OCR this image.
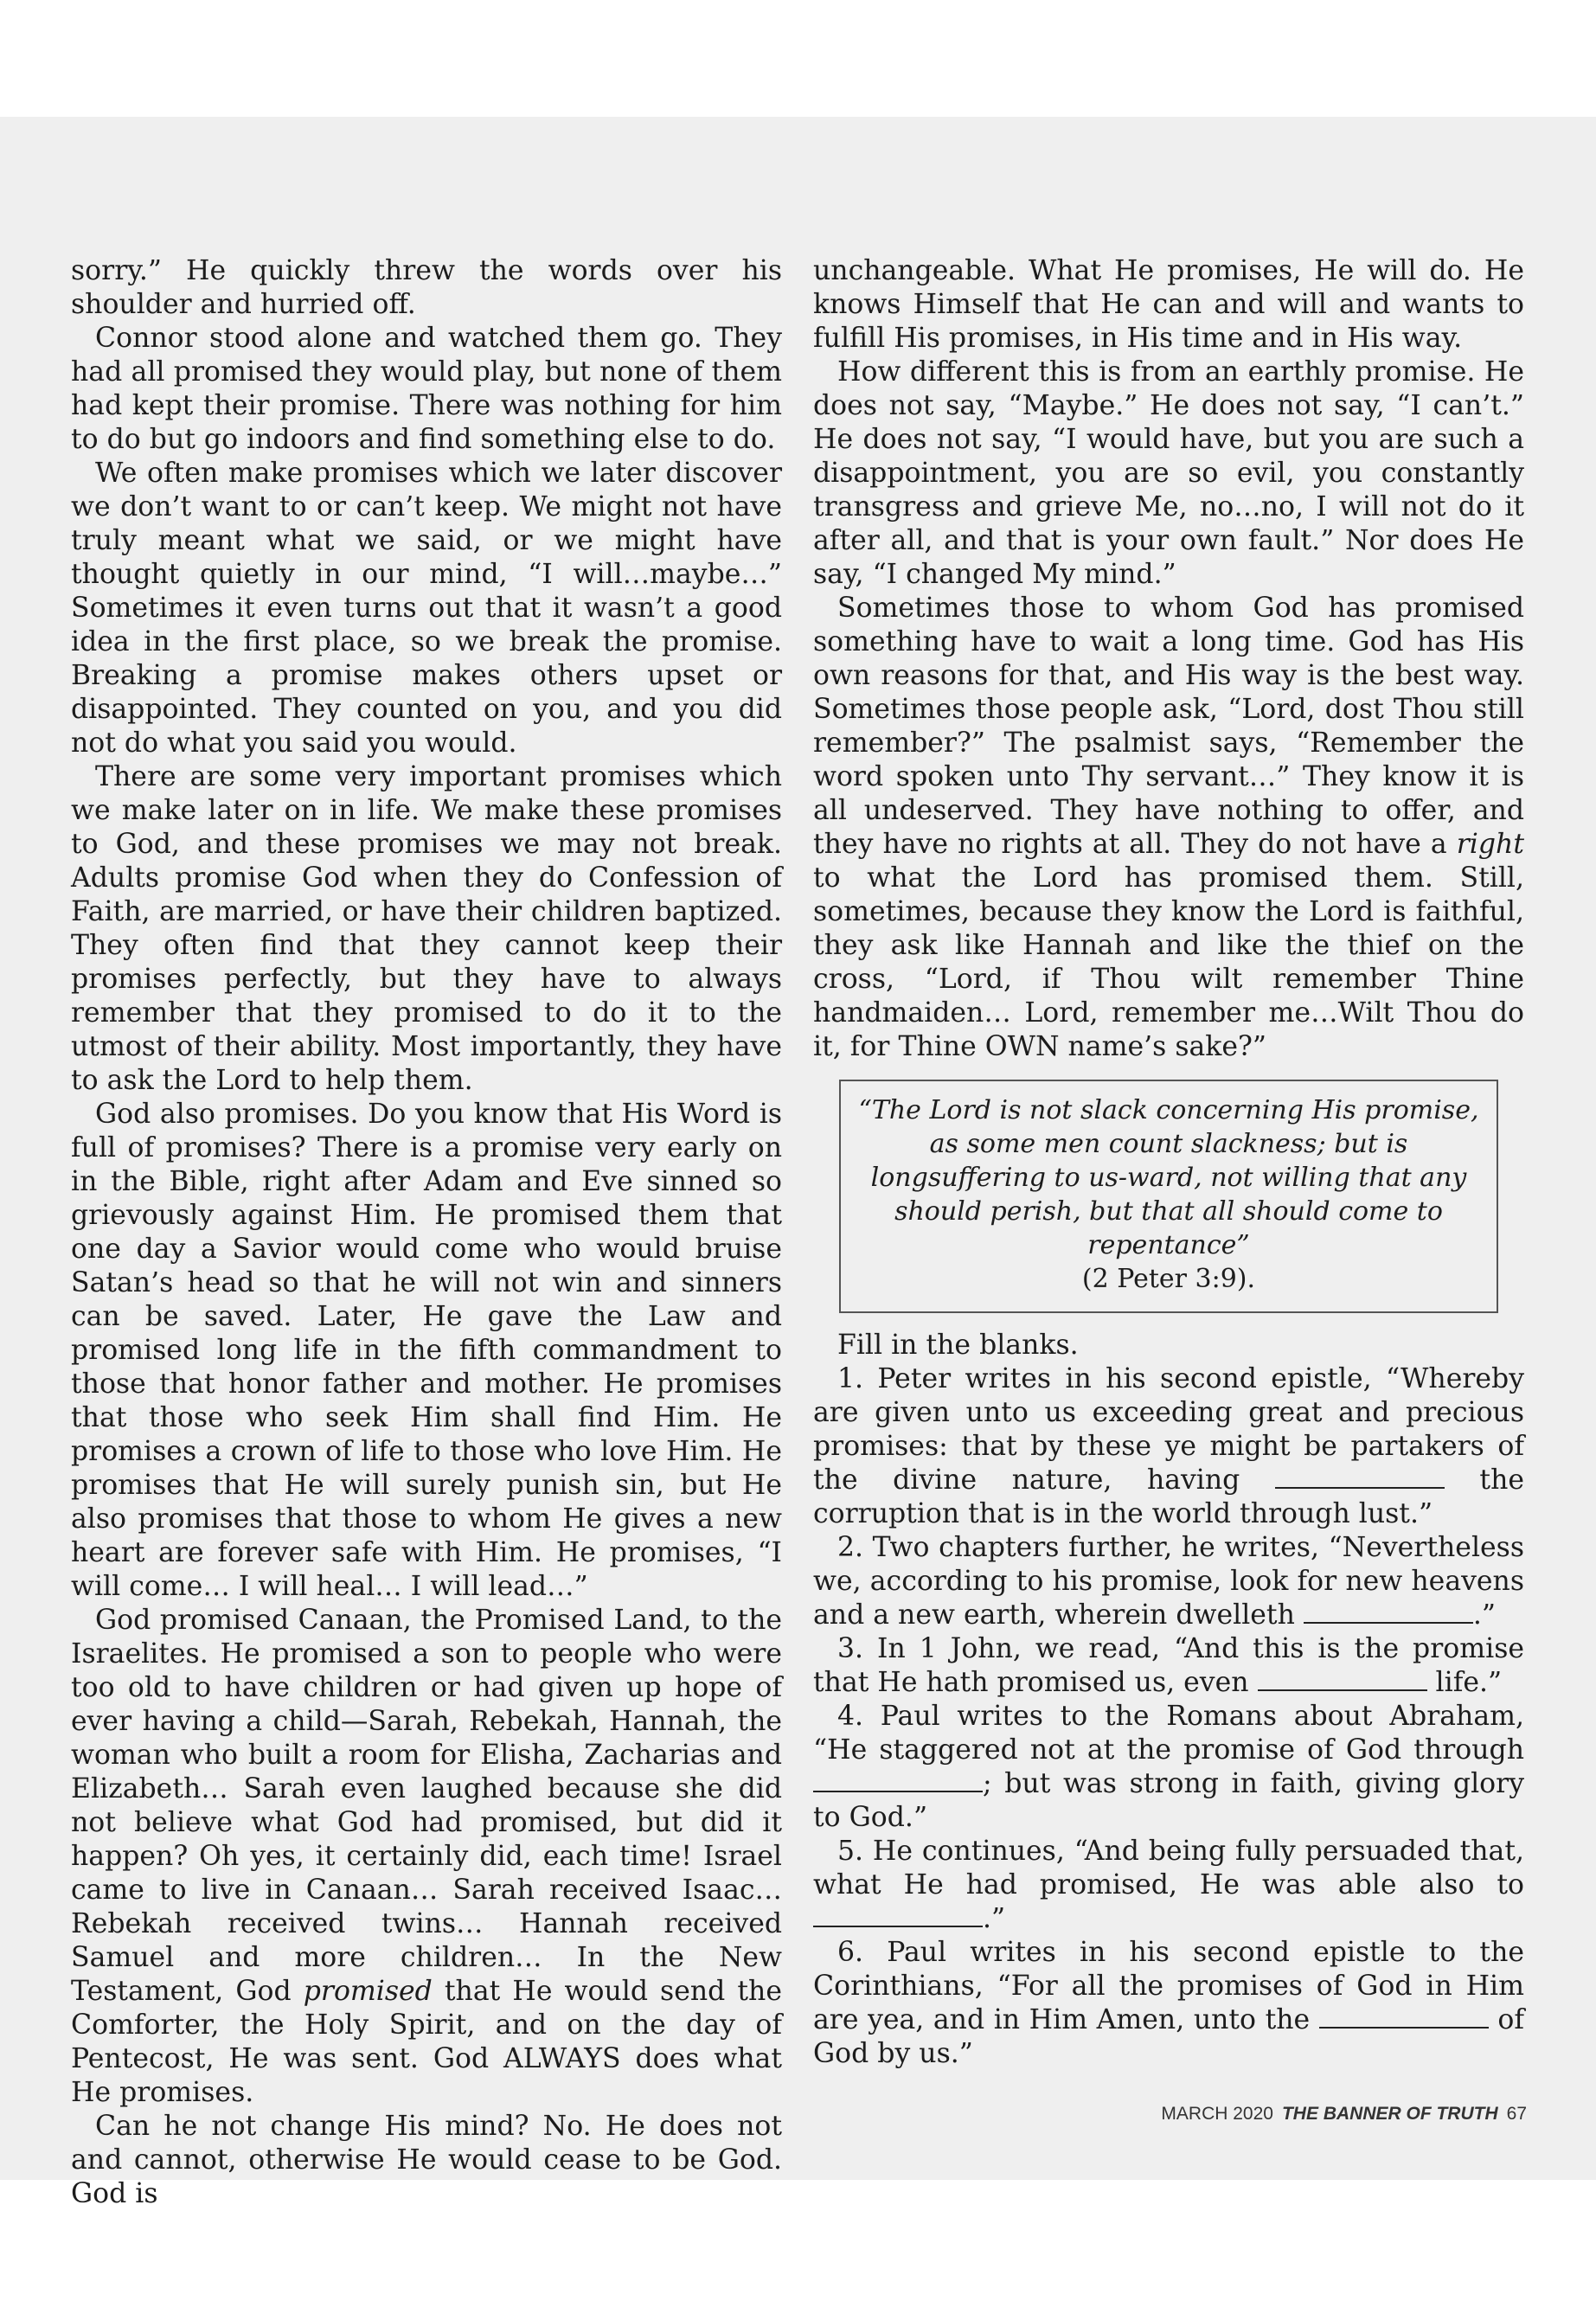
sorry.” He quickly threw the words over his shoulder and hurried off.

Connor stood alone and watched them go. They had all promised they would play, but none of them had kept their promise. There was nothing for him to do but go indoors and find something else to do.

We often make promises which we later discover we don’t want to or can’t keep. We might not have truly meant what we said, or we might have thought quietly in our mind, “I will…maybe…” Sometimes it even turns out that it wasn’t a good idea in the first place, so we break the promise. Breaking a promise makes others upset or disappointed. They counted on you, and you did not do what you said you would.

There are some very important promises which we make later on in life. We make these promises to God, and these promises we may not break. Adults promise God when they do Confession of Faith, are married, or have their children baptized. They often find that they cannot keep their promises perfectly, but they have to always remember that they promised to do it to the utmost of their ability. Most importantly, they have to ask the Lord to help them.

God also promises. Do you know that His Word is full of promises? There is a promise very early on in the Bible, right after Adam and Eve sinned so grievously against Him. He promised them that one day a Savior would come who would bruise Satan’s head so that he will not win and sinners can be saved. Later, He gave the Law and promised long life in the fifth commandment to those that honor father and mother. He promises that those who seek Him shall find Him. He promises a crown of life to those who love Him. He promises that He will surely punish sin, but He also promises that those to whom He gives a new heart are forever safe with Him. He promises, “I will come… I will heal… I will lead…”

God promised Canaan, the Promised Land, to the Israelites. He promised a son to people who were too old to have children or had given up hope of ever having a child—Sarah, Rebekah, Hannah, the woman who built a room for Elisha, Zacharias and Elizabeth… Sarah even laughed because she did not believe what God had promised, but did it happen? Oh yes, it certainly did, each time! Israel came to live in Canaan… Sarah received Isaac… Rebekah received twins… Hannah received Samuel and more children… In the New Testament, God promised that He would send the Comforter, the Holy Spirit, and on the day of Pentecost, He was sent. God ALWAYS does what He promises.

Can he not change His mind? No. He does not and cannot, otherwise He would cease to be God. God is

unchangeable. What He promises, He will do. He knows Himself that He can and will and wants to fulfill His promises, in His time and in His way.

How different this is from an earthly promise. He does not say, “Maybe.” He does not say, “I can’t.” He does not say, “I would have, but you are such a disappointment, you are so evil, you constantly transgress and grieve Me, no…no, I will not do it after all, and that is your own fault.” Nor does He say, “I changed My mind.”

Sometimes those to whom God has promised something have to wait a long time. God has His own reasons for that, and His way is the best way. Sometimes those people ask, “Lord, dost Thou still remember?” The psalmist says, “Remember the word spoken unto Thy servant…” They know it is all undeserved. They have nothing to offer, and they have no rights at all. They do not have a right to what the Lord has promised them. Still, sometimes, because they know the Lord is faithful, they ask like Hannah and like the thief on the cross, “Lord, if Thou wilt remember Thine handmaiden… Lord, remember me…Wilt Thou do it, for Thine OWN name’s sake?”

“The Lord is not slack concerning His promise, as some men count slackness; but is longsuffering to us-ward, not willing that any should perish, but that all should come to repentance”
(2 Peter 3:9).

Fill in the blanks.

1. Peter writes in his second epistle, “Whereby are given unto us exceeding great and precious promises: that by these ye might be partakers of the divine nature, having	the corruption that is in the world through lust.”

2. Two chapters further, he writes, “Nevertheless we, according to his promise, look for new heavens and a new earth, wherein dwelleth	.”

3. In 1 John, we read, “And this is the promise that He hath promised us, even	life.”

4. Paul writes to the Romans about Abraham, “He staggered not at the promise of God through ; but was strong in faith, giving glory to God.”

5. He continues, “And being fully persuaded that, what He had promised, He was able also to .”

6. Paul writes in his second epistle to the Corinthians, “For all the promises of God in Him are yea, and in Him Amen, unto the	of God by us.”

MARCH 2020 THE BANNER OF TRUTH 67
